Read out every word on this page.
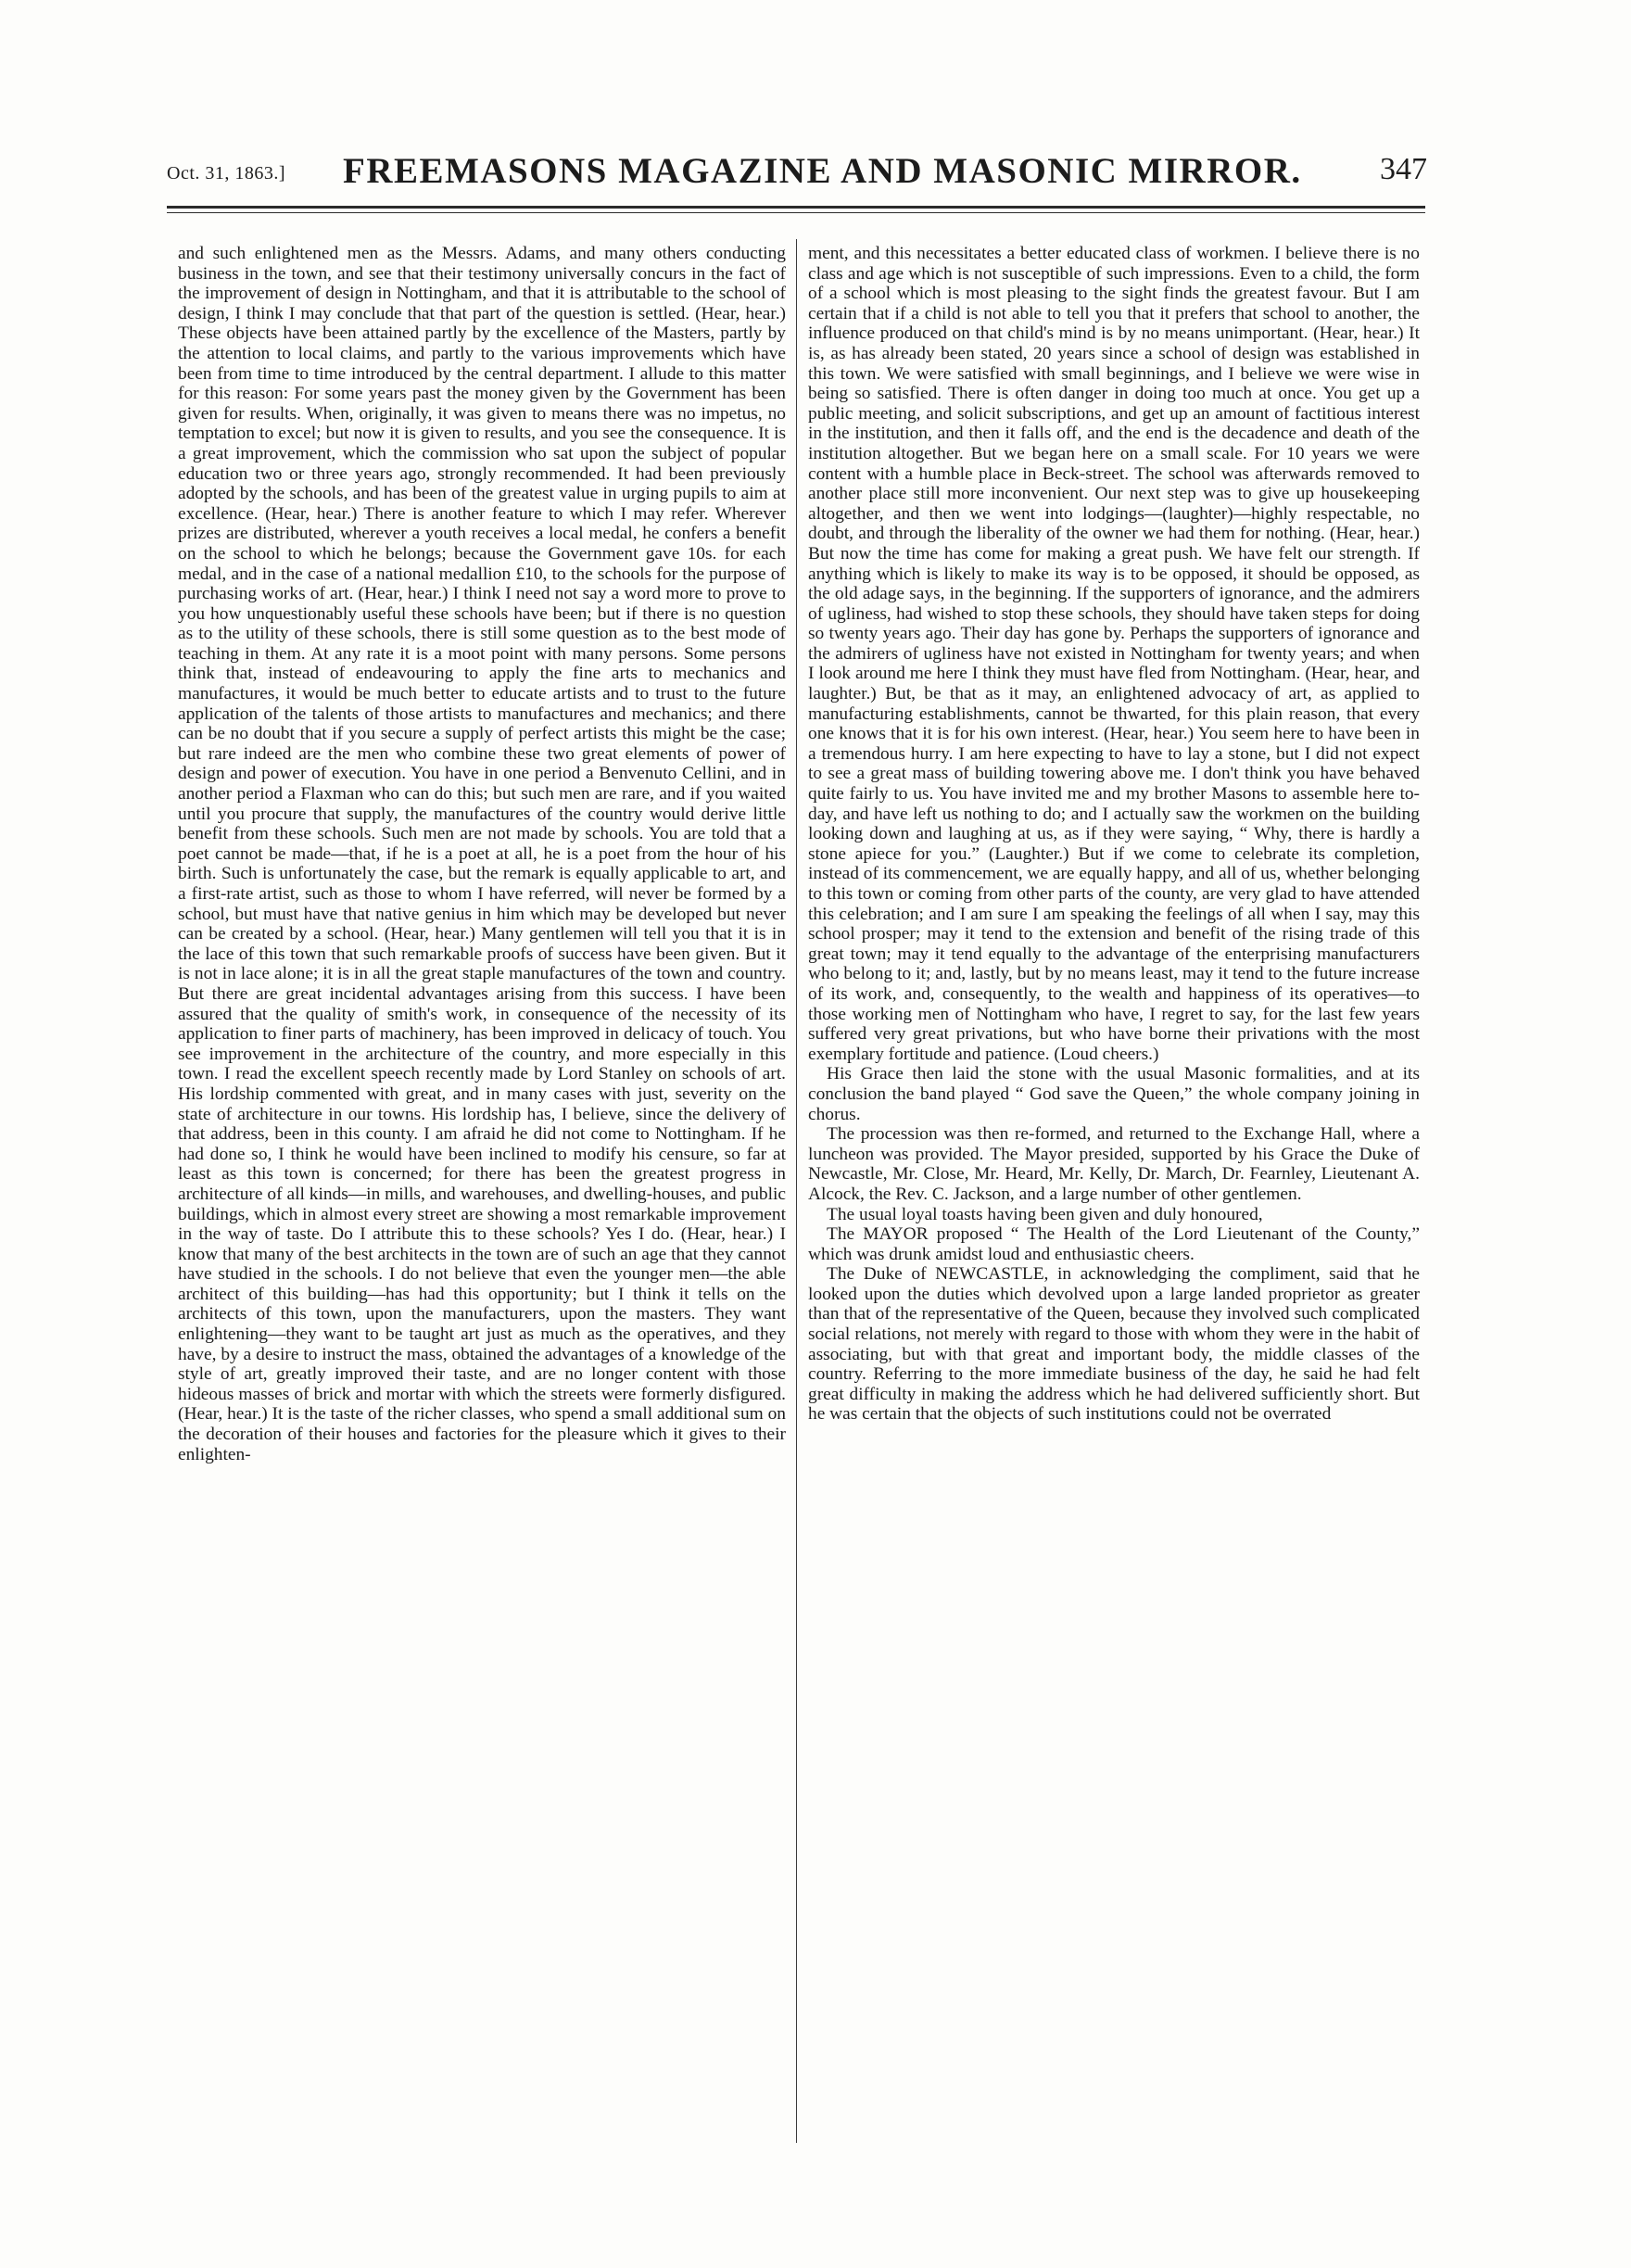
Oct. 31, 1863.] FREEMASONS MAGAZINE AND MASONIC MIRROR. 347

and such enlightened men as the Messrs. Adams, and many others conducting business in the town, and see that their testimony universally concurs in the fact of the improvement of design in Nottingham, and that it is attributable to the school of design, I think I may conclude that that part of the question is settled. (Hear, hear.) These objects have been attained partly by the excellence of the Masters, partly by the attention to local claims, and partly to the various improvements which have been from time to time introduced by the central department. I allude to this matter for this reason: For some years past the money given by the Government has been given for results. When, originally, it was given to means there was no impetus, no temptation to excel; but now it is given to results, and you see the consequence. It is a great improvement, which the commission who sat upon the subject of popular education two or three years ago, strongly recommended. It had been previously adopted by the schools, and has been of the greatest value in urging pupils to aim at excellence. (Hear, hear.) There is another feature to which I may refer. Wherever prizes are distributed, wherever a youth receives a local medal, he confers a benefit on the school to which he belongs; because the Government gave 10s. for each medal, and in the case of a national medallion £10, to the schools for the purpose of purchasing works of art. (Hear, hear.) I think I need not say a word more to prove to you how unquestionably useful these schools have been; but if there is no question as to the utility of these schools, there is still some question as to the best mode of teaching in them. At any rate it is a moot point with many persons. Some persons think that, instead of endeavouring to apply the fine arts to mechanics and manufactures, it would be much better to educate artists and to trust to the future application of the talents of those artists to manufactures and mechanics; and there can be no doubt that if you secure a supply of perfect artists this might be the case; but rare indeed are the men who combine these two great elements of power of design and power of execution. You have in one period a Benvenuto Cellini, and in another period a Flaxman who can do this; but such men are rare, and if you waited until you procure that supply, the manufactures of the country would derive little benefit from these schools. Such men are not made by schools. You are told that a poet cannot be made—that, if he is a poet at all, he is a poet from the hour of his birth. Such is unfortunately the case, but the remark is equally applicable to art, and a first-rate artist, such as those to whom I have referred, will never be formed by a school, but must have that native genius in him which may be developed but never can be created by a school. (Hear, hear.) Many gentlemen will tell you that it is in the lace of this town that such remarkable proofs of success have been given. But it is not in lace alone; it is in all the great staple manufactures of the town and country. But there are great incidental advantages arising from this success. I have been assured that the quality of smith's work, in consequence of the necessity of its application to finer parts of machinery, has been improved in delicacy of touch. You see improvement in the architecture of the country, and more especially in this town. I read the excellent speech recently made by Lord Stanley on schools of art. His lordship commented with great, and in many cases with just, severity on the state of architecture in our towns. His lordship has, I believe, since the delivery of that address, been in this county. I am afraid he did not come to Nottingham. If he had done so, I think he would have been inclined to modify his censure, so far at least as this town is concerned; for there has been the greatest progress in architecture of all kinds—in mills, and warehouses, and dwelling-houses, and public buildings, which in almost every street are showing a most remarkable improvement in the way of taste. Do I attribute this to these schools? Yes I do. (Hear, hear.) I know that many of the best architects in the town are of such an age that they cannot have studied in the schools. I do not believe that even the younger men—the able architect of this building—has had this opportunity; but I think it tells on the architects of this town, upon the manufacturers, upon the masters. They want enlightening—they want to be taught art just as much as the operatives, and they have, by a desire to instruct the mass, obtained the advantages of a knowledge of the style of art, greatly improved their taste, and are no longer content with those hideous masses of brick and mortar with which the streets were formerly disfigured. (Hear, hear.) It is the taste of the richer classes, who spend a small additional sum on the decoration of their houses and factories for the pleasure which it gives to their enlighten-

ment, and this necessitates a better educated class of workmen. I believe there is no class and age which is not susceptible of such impressions. Even to a child, the form of a school which is most pleasing to the sight finds the greatest favour. But I am certain that if a child is not able to tell you that it prefers that school to another, the influence produced on that child's mind is by no means unimportant. (Hear, hear.) It is, as has already been stated, 20 years since a school of design was established in this town. We were satisfied with small beginnings, and I believe we were wise in being so satisfied. There is often danger in doing too much at once. You get up a public meeting, and solicit subscriptions, and get up an amount of factitious interest in the institution, and then it falls off, and the end is the decadence and death of the institution altogether. But we began here on a small scale. For 10 years we were content with a humble place in Beck-street. The school was afterwards removed to another place still more inconvenient. Our next step was to give up housekeeping altogether, and then we went into lodgings—(laughter)—highly respectable, no doubt, and through the liberality of the owner we had them for nothing. (Hear, hear.) But now the time has come for making a great push. We have felt our strength. If anything which is likely to make its way is to be opposed, it should be opposed, as the old adage says, in the beginning. If the supporters of ignorance, and the admirers of ugliness, had wished to stop these schools, they should have taken steps for doing so twenty years ago. Their day has gone by. Perhaps the supporters of ignorance and the admirers of ugliness have not existed in Nottingham for twenty years; and when I look around me here I think they must have fled from Nottingham. (Hear, hear, and laughter.) But, be that as it may, an enlightened advocacy of art, as applied to manufacturing establishments, cannot be thwarted, for this plain reason, that every one knows that it is for his own interest. (Hear, hear.) You seem here to have been in a tremendous hurry. I am here expecting to have to lay a stone, but I did not expect to see a great mass of building towering above me. I don't think you have behaved quite fairly to us. You have invited me and my brother Masons to assemble here to-day, and have left us nothing to do; and I actually saw the workmen on the building looking down and laughing at us, as if they were saying, “ Why, there is hardly a stone apiece for you.” (Laughter.) But if we come to celebrate its completion, instead of its commencement, we are equally happy, and all of us, whether belonging to this town or coming from other parts of the county, are very glad to have attended this celebration; and I am sure I am speaking the feelings of all when I say, may this school prosper; may it tend to the extension and benefit of the rising trade of this great town; may it tend equally to the advantage of the enterprising manufacturers who belong to it; and, lastly, but by no means least, may it tend to the future increase of its work, and, consequently, to the wealth and happiness of its operatives—to those working men of Nottingham who have, I regret to say, for the last few years suffered very great privations, but who have borne their privations with the most exemplary fortitude and patience. (Loud cheers.)

His Grace then laid the stone with the usual Masonic formalities, and at its conclusion the band played “ God save the Queen,” the whole company joining in chorus.

The procession was then re-formed, and returned to the Exchange Hall, where a luncheon was provided. The Mayor presided, supported by his Grace the Duke of Newcastle, Mr. Close, Mr. Heard, Mr. Kelly, Dr. March, Dr. Fearnley, Lieutenant A. Alcock, the Rev. C. Jackson, and a large number of other gentlemen.

The usual loyal toasts having been given and duly honoured,

The MAYOR proposed “ The Health of the Lord Lieutenant of the County,” which was drunk amidst loud and enthusiastic cheers.

The Duke of NEWCASTLE, in acknowledging the compliment, said that he looked upon the duties which devolved upon a large landed proprietor as greater than that of the representative of the Queen, because they involved such complicated social relations, not merely with regard to those with whom they were in the habit of associating, but with that great and important body, the middle classes of the country. Referring to the more immediate business of the day, he said he had felt great difficulty in making the address which he had delivered sufficiently short. But he was certain that the objects of such institutions could not be overrated
